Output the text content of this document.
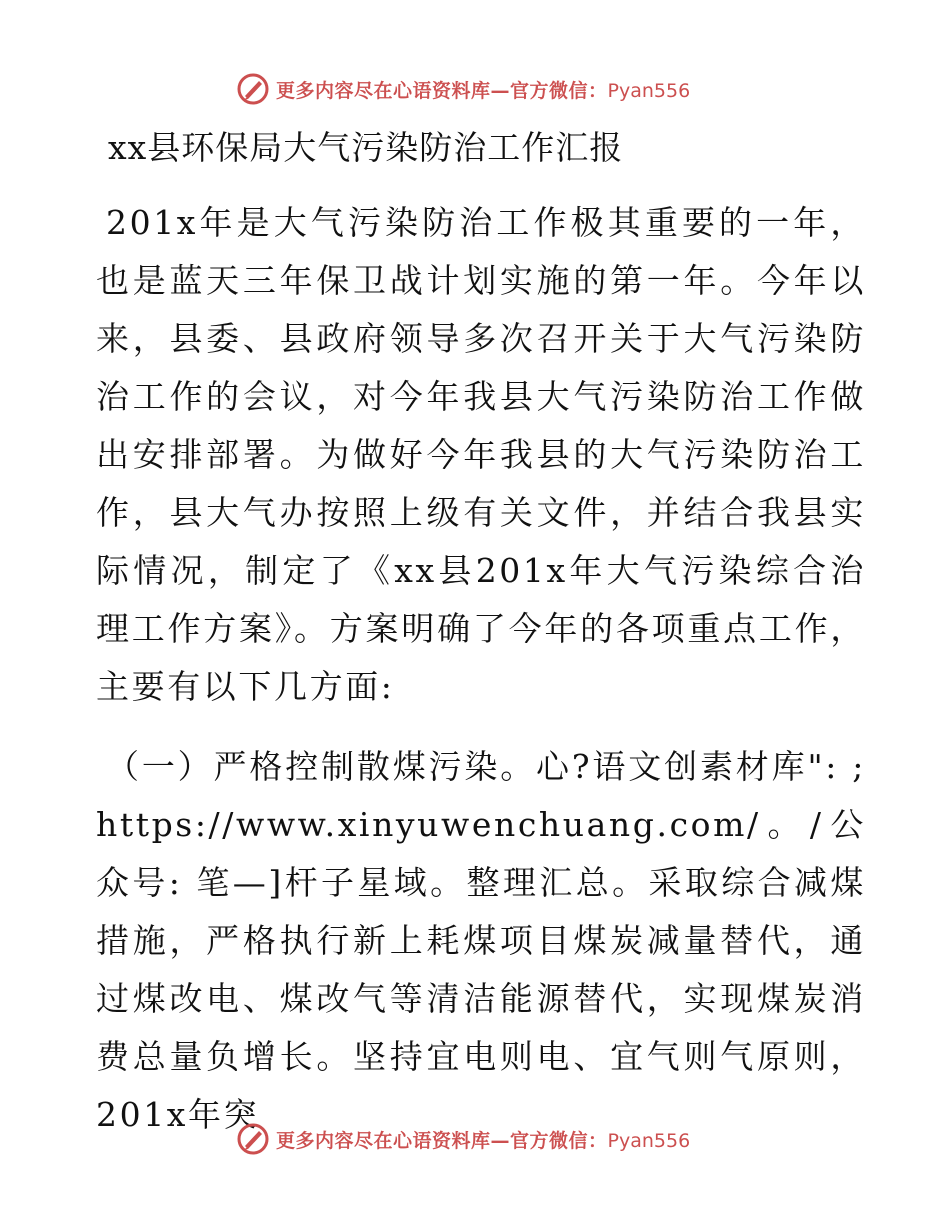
更多内容尽在心语资料库—官方微信：Pyan556
xx县环保局大气污染防治工作汇报

201x年是大气污染防治工作极其重要的一年，也是蓝天三年保卫战计划实施的第一年。今年以来，县委、县政府领导多次召开关于大气污染防治工作的会议，对今年我县大气污染防治工作做出安排部署。为做好今年我县的大气污染防治工作，县大气办按照上级有关文件，并结合我县实际情况，制定了《xx县201x年大气污染综合治理工作方案》。方案明确了今年的各项重点工作，主要有以下几方面:

（一）严格控制散煤污染。心?语文创素材库": ;https://www.xinyuwenchuang.com/。/公众号: 笔—]杆子星域。整理汇总。采取综合减煤措施，严格执行新上耗煤项目煤炭减量替代，通过煤改电、煤改气等清洁能源替代，实现煤炭消费总量负增长。坚持宜电则电、宜气则气原则，201x年突

更多内容尽在心语资料库—官方微信：Pyan556
